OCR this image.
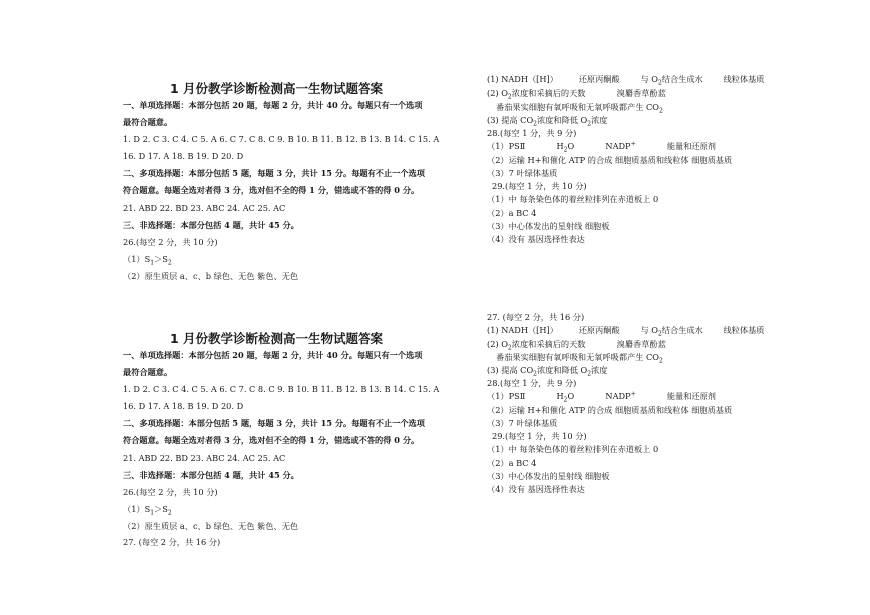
1 月份教学诊断检测高一生物试题答案
一、单项选择题：本部分包括 20 题，每题 2 分，共计 40 分。每题只有一个选项
最符合题意。
1. D 2. C 3. C 4. C 5. A 6. C 7. C 8. C 9. B 10. B 11. B 12. B 13. B 14. C 15. A
16. D 17. A 18. B 19. D 20. D
二、多项选择题：本部分包括 5 题，每题 3 分，共计 15 分。每题有不止一个选项
符合题意。每题全选对者得 3 分，选对但不全的得 1 分，错选或不答的得 0 分。
21. ABD 22. BD 23. ABC 24. AC 25. AC
三、非选择题：本部分包括 4 题，共计 45 分。
26.(每空 2 分，共 10 分)
$(1)S_1>S_2$
（2）原生质层 a、c、b 绿色、无色 紫色、无色
1 月份教学诊断检测高一生物试题答案
一、单项选择题：本部分包括 20 题，每题 2 分，共计 40 分。每题只有一个选项
最符合题意。
1. D 2. C 3. C 4. C 5. A 6. C 7. C 8. C 9. B 10. B 11. B 12. B 13. B 14. C 15. A
16. D 17. A 18. B 19. D 20. D
二、多项选择题：本部分包括 5 题，每题 3 分，共计 15 分。每题有不止一个选项
符合题意。每题全选对者得 3 分，选对但不全的得 1 分，错选或不答的得 0 分。
21. ABD 22. BD 23. ABC 24. AC 25. AC
三、非选择题：本部分包括 4 题，共计 45 分。
26.(每空 2 分，共 10 分)
$(1)S_1>S_2$
（2）原生质层 a、c、b 绿色、无色 紫色、无色
27. (每空 2 分，共 16 分)
(1) NADH（[H]）        还原丙酮酸        与 $O_2$结合生成水        线粒体基质
(2) $O_2$浓度和采摘后的天数            溴麝香草酚蓝
番茄果实细胞有氧呼吸和无氧呼吸都产生 $CO_2$
(3) 提高 $CO_2$浓度和降低 $O_2$浓度
28.(每空 1 分，共 9 分)
（1）PSⅡ            $H_2O$            NADP+            能量和还原剂
（2）运输 H+和催化 ATP 的合成 细胞质基质和线粒体 细胞质基质
（3）7 叶绿体基质
29.(每空 1 分，共 10 分)
（1）中 每条染色体的着丝粒排列在赤道板上 0
（2）a BC 4
（3）中心体发出的星射线 细胞板
（4）没有 基因选择性表达
27. (每空 2 分，共 16 分)
(1) NADH（[H]）        还原丙酮酸        与 $O_2$结合生成水        线粒体基质
(2) $O_2$浓度和采摘后的天数            溴麝香草酚蓝
番茄果实细胞有氧呼吸和无氧呼吸都产生 $CO_2$
(3) 提高 $CO_2$浓度和降低 $O_2$浓度
28.(每空 1 分，共 9 分)
（1）PSⅡ            $H_2O$            NADP+            能量和还原剂
（2）运输 H+和催化 ATP 的合成 细胞质基质和线粒体 细胞质基质
（3）7 叶绿体基质
29.(每空 1 分，共 10 分)
（1）中 每条染色体的着丝粒排列在赤道板上 0
（2）a BC 4
（3）中心体发出的星射线 细胞板
（4）没有 基因选择性表达
